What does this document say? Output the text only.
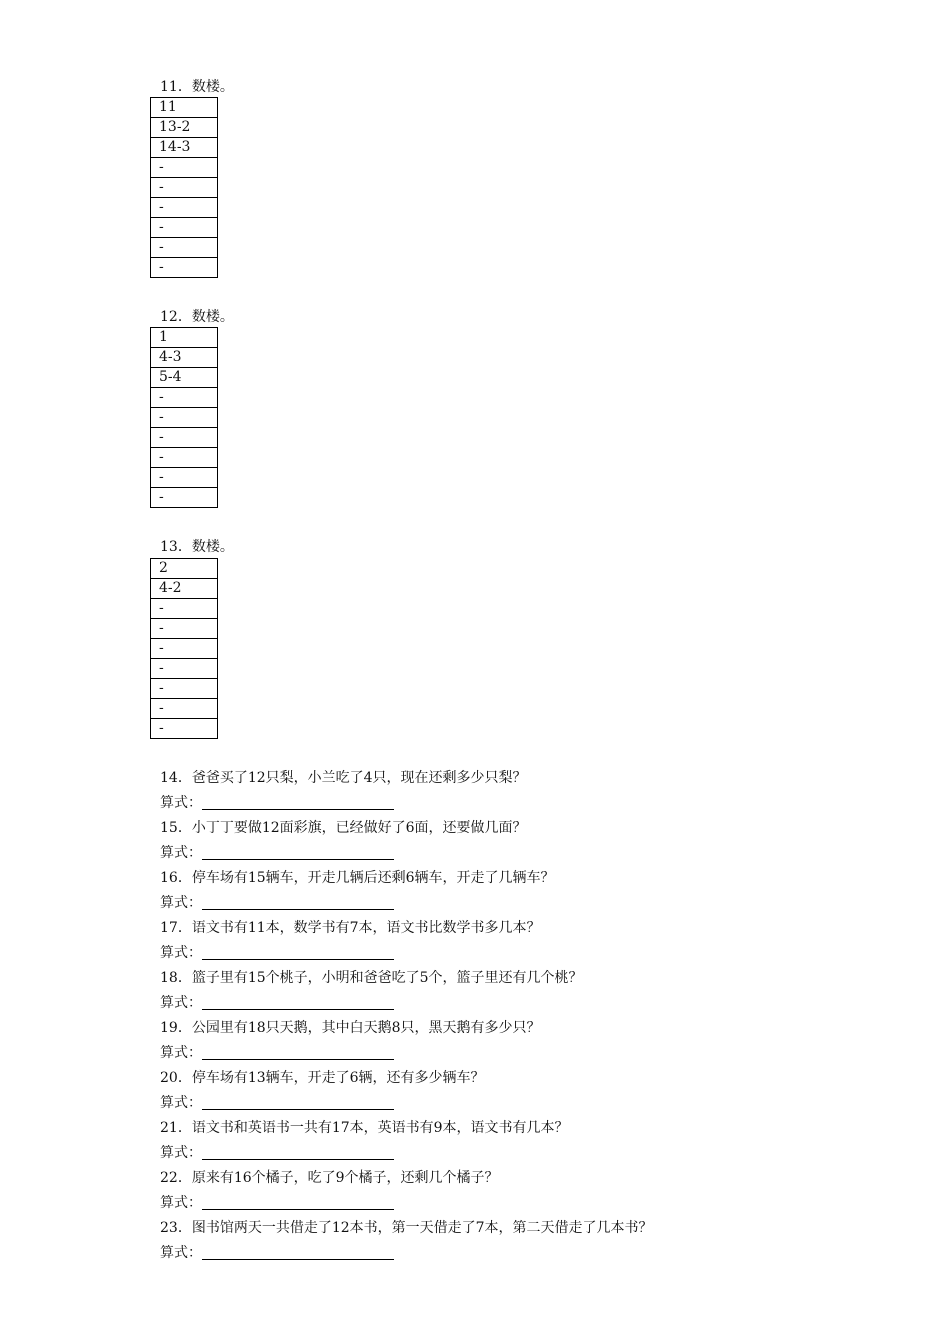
11．数楼。
11
13-2
14-3
-
-
-
-
-
-
12．数楼。
1
4-3
5-4
-
-
-
-
-
-
13．数楼。
2
4-2
-
-
-
-
-
-
-
14．爸爸买了12只梨，小兰吃了4只，现在还剩多少只梨？
算式：
15．小丁丁要做12面彩旗，已经做好了6面，还要做几面？
算式：
16．停车场有15辆车，开走几辆后还剩6辆车，开走了几辆车？
算式：
17．语文书有11本，数学书有7本，语文书比数学书多几本？
算式：
18．篮子里有15个桃子，小明和爸爸吃了5个，篮子里还有几个桃？
算式：
19．公园里有18只天鹅，其中白天鹅8只，黑天鹅有多少只？
算式：
20．停车场有13辆车，开走了6辆，还有多少辆车？
算式：
21．语文书和英语书一共有17本，英语书有9本，语文书有几本？
算式：
22．原来有16个橘子，吃了9个橘子，还剩几个橘子？
算式：
23．图书馆两天一共借走了12本书，第一天借走了7本，第二天借走了几本书？
算式：
